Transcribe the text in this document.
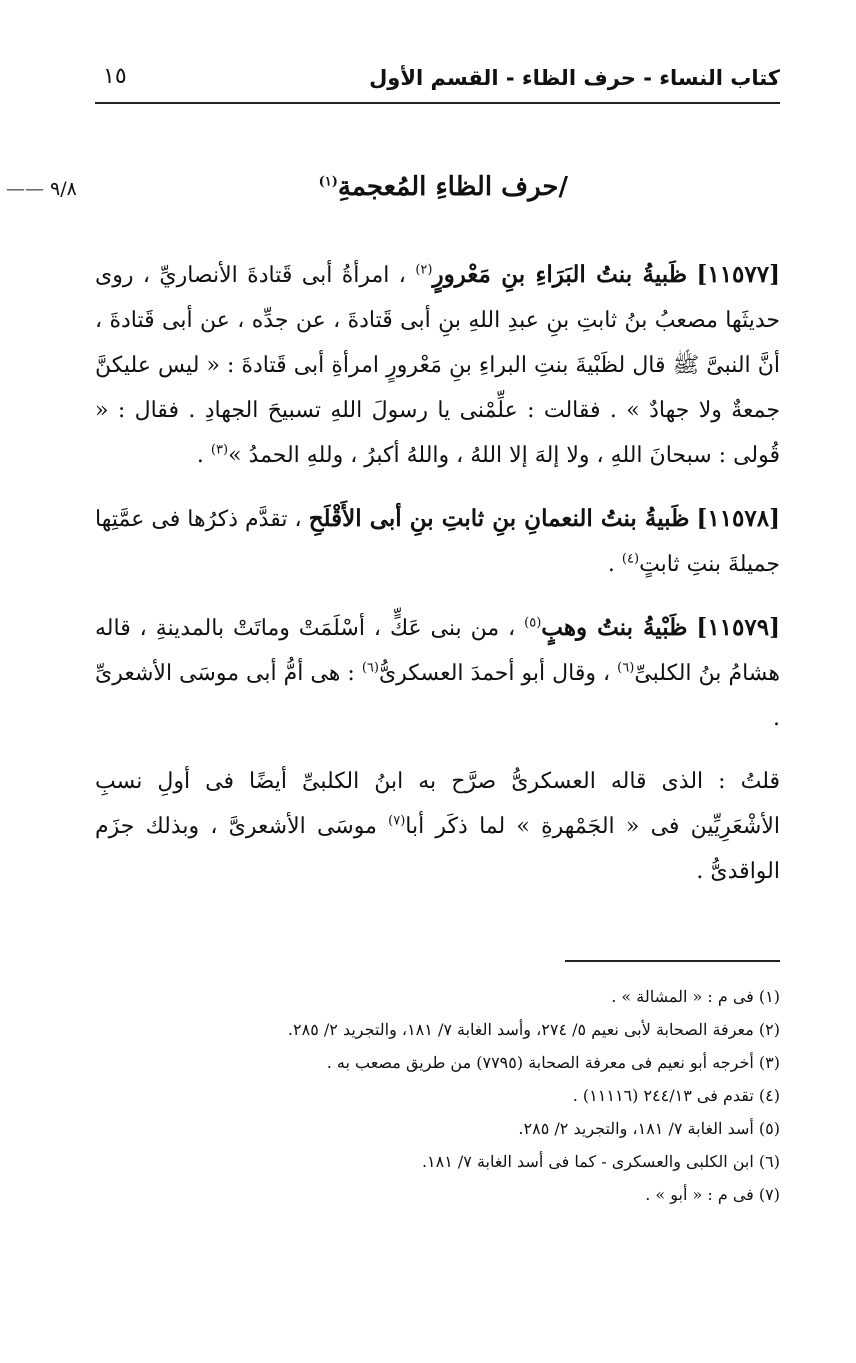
كتاب النساء - حرف الظاء - القسم الأول
١٥
٩/٨ ——	/حرف الظاءِ المُعجمةِ$^{(١)}$

[١١٥٧٧] ظَبيةُ بنتُ البَرَاءِ بنِ مَعْرورٍ$^{(٢)}$ ، امرأةُ أبى قَتادةَ الأنصاريِّ ، روى حديثَها مصعبُ بنُ ثابتِ بنِ عبدِ اللهِ بنِ أبى قَتادةَ ، عن جدِّه ، عن أبى قَتادةَ ، أنَّ النبىَّ ﷺ قال لظَبْيةَ بنتِ البراءِ بنِ مَعْرورٍ امرأةِ أبى قَتادةَ : « ليس عليكنَّ جمعةٌ ولا جهادٌ » . فقالت : علِّمْنى يا رسولَ اللهِ تسبيحَ الجهادِ . فقال : « قُولى : سبحانَ اللهِ ، ولا إلهَ إلا اللهُ ، واللهُ أكبرُ ، وللهِ الحمدُ »$^{(٣)}$ .

[١١٥٧٨] ظَبيةُ بنتُ النعمانِ بنِ ثابتِ بنِ أبى الأَقْلَحِ ، تقدَّم ذكرُها فى عمَّتِها جميلةَ بنتِ ثابتٍ$^{(٤)}$ .

[١١٥٧٩] ظَبْيةُ بنتُ وهبٍ$^{(٥)}$ ، من بنى عَكٍّ ، أسْلَمَتْ وماتَتْ بالمدينةِ ، قاله هشامُ بنُ الكلبىِّ$^{(٦)}$ ، وقال أبو أحمدَ العسكرىُّ$^{(٦)}$ : هى أمُّ أبى موسَى الأشعرىِّ .

قلتُ : الذى قاله العسكرىُّ صرَّح به ابنُ الكلبىِّ أيضًا فى أولِ نسبِ الأشْعَرِيِّين فى « الجَمْهرةِ » لما ذكَر أبا$^{(٧)}$ موسَى الأشعرىَّ ، وبذلك جزَم الواقدىُّ .

(١) فى م : « المشالة » .
(٢) معرفة الصحابة لأبى نعيم ٥/ ٢٧٤، وأسد الغابة ٧/ ١٨١، والتجريد ٢/ ٢٨٥.
(٣) أخرجه أبو نعيم فى معرفة الصحابة (٧٧٩٥) من طريق مصعب به .
(٤) تقدم فى ٢٤٤/١٣ (١١١١٦) .
(٥) أسد الغابة ٧/ ١٨١، والتجريد ٢/ ٢٨٥.
(٦) ابن الكلبى والعسكرى - كما فى أسد الغابة ٧/ ١٨١.
(٧) فى م : « أبو » .
